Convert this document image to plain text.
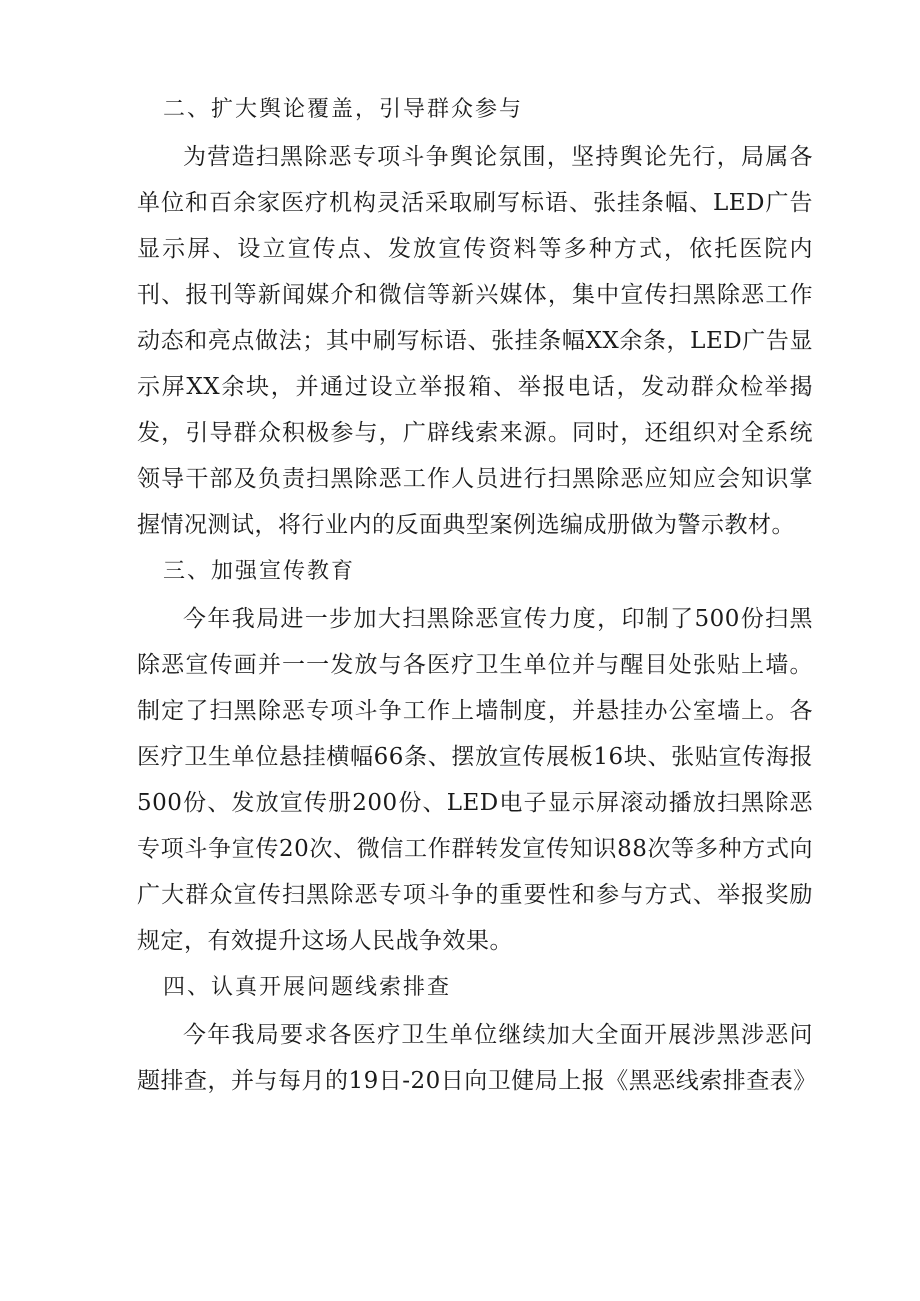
二、扩大舆论覆盖，引导群众参与

为营造扫黑除恶专项斗争舆论氛围，坚持舆论先行，局属各单位和百余家医疗机构灵活采取刷写标语、张挂条幅、LED广告显示屏、设立宣传点、发放宣传资料等多种方式，依托医院内刊、报刊等新闻媒介和微信等新兴媒体，集中宣传扫黑除恶工作动态和亮点做法；其中刷写标语、张挂条幅XX余条，LED广告显示屏XX余块，并通过设立举报箱、举报电话，发动群众检举揭发，引导群众积极参与，广辟线索来源。同时，还组织对全系统领导干部及负责扫黑除恶工作人员进行扫黑除恶应知应会知识掌握情况测试，将行业内的反面典型案例选编成册做为警示教材。

三、加强宣传教育

今年我局进一步加大扫黑除恶宣传力度，印制了500份扫黑除恶宣传画并一一发放与各医疗卫生单位并与醒目处张贴上墙。制定了扫黑除恶专项斗争工作上墙制度，并悬挂办公室墙上。各医疗卫生单位悬挂横幅66条、摆放宣传展板16块、张贴宣传海报500份、发放宣传册200份、LED电子显示屏滚动播放扫黑除恶专项斗争宣传20次、微信工作群转发宣传知识88次等多种方式向广大群众宣传扫黑除恶专项斗争的重要性和参与方式、举报奖励规定，有效提升这场人民战争效果。

四、认真开展问题线索排查

今年我局要求各医疗卫生单位继续加大全面开展涉黑涉恶问题排查，并与每月的19日-20日向卫健局上报《黑恶线索排查表》
